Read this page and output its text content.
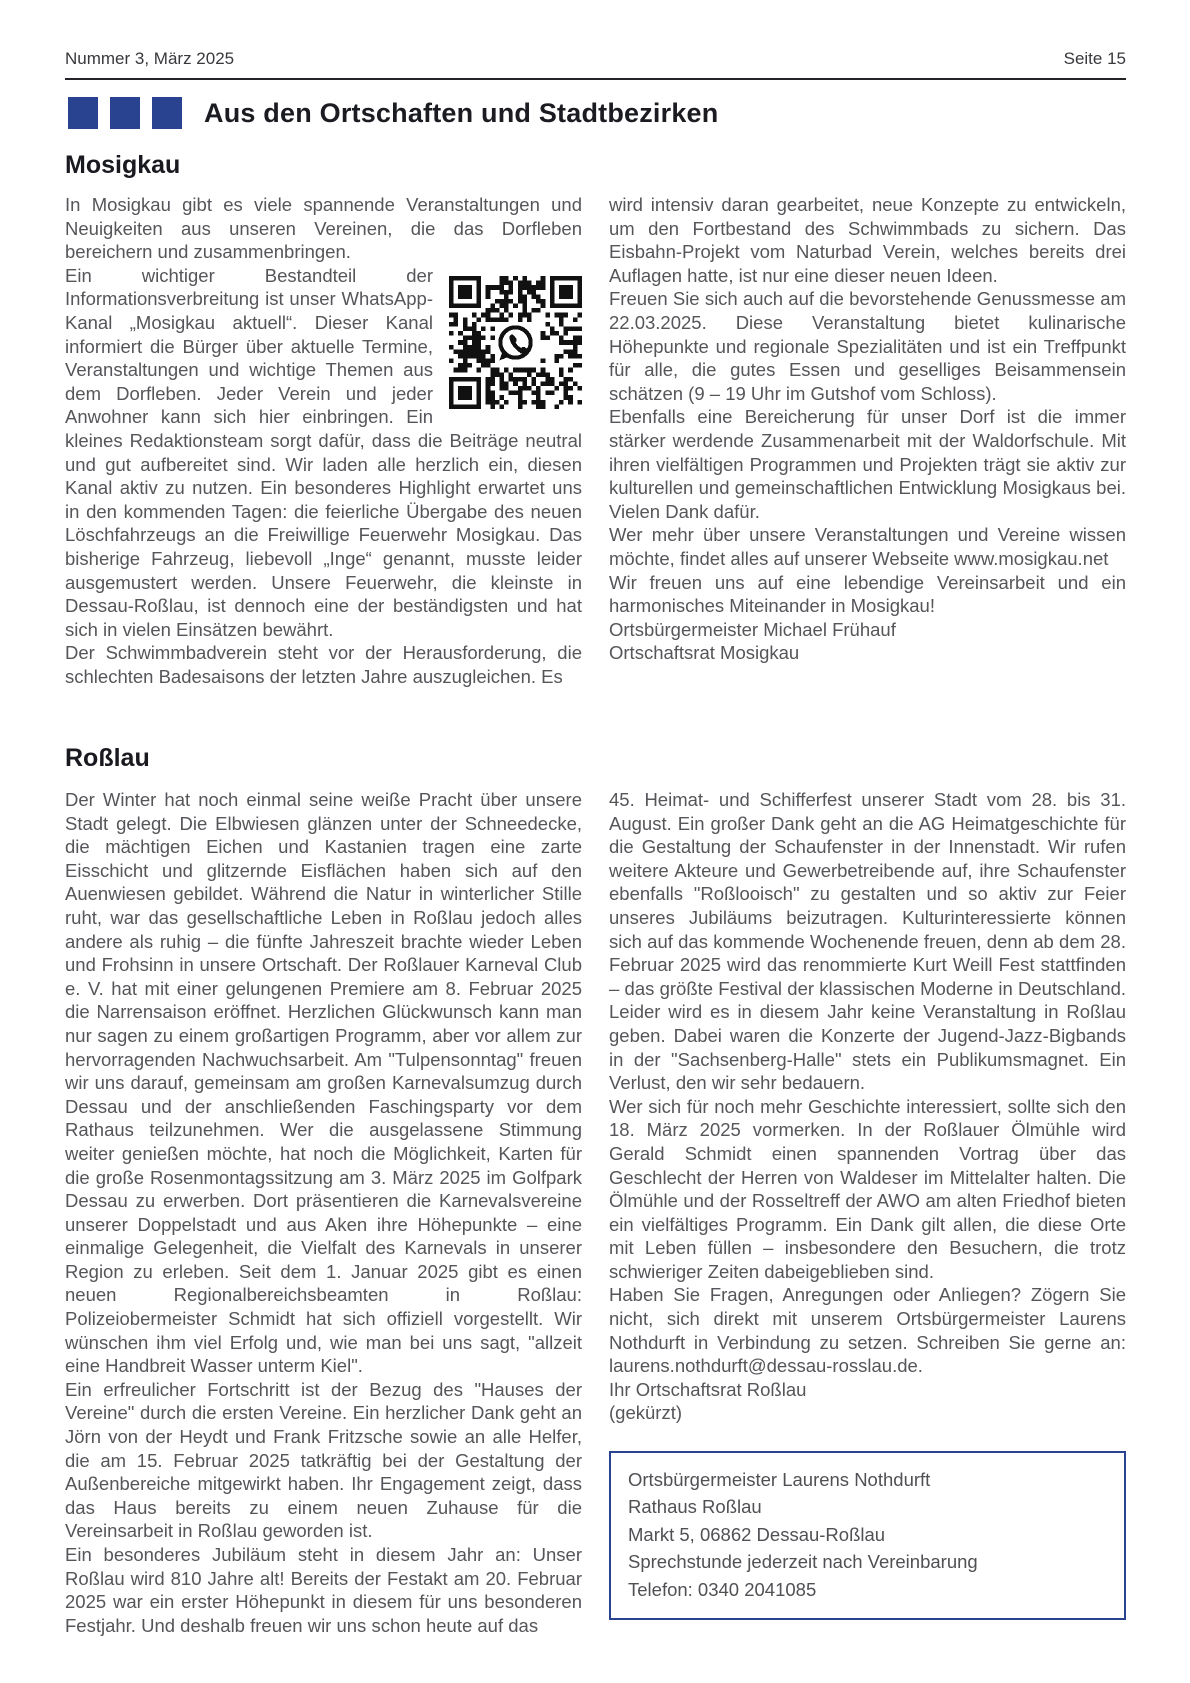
Nummer 3, März 2025	Seite 15
Aus den Ortschaften und Stadtbezirken
Mosigkau

In Mosigkau gibt es viele spannende Veranstaltungen und Neuigkeiten aus unseren Vereinen, die das Dorfleben bereichern und zusammenbringen.

Ein wichtiger Bestandteil der Informationsverbreitung ist unser WhatsApp-Kanal „Mosigkau aktuell“. Dieser Kanal informiert die Bürger über aktuelle Termine, Veranstaltungen und wichtige Themen aus dem Dorfleben. Jeder Verein und jeder Anwohner kann sich hier einbringen. Ein kleines Redaktionsteam sorgt dafür, dass die Beiträge neutral und gut aufbereitet sind. Wir laden alle herzlich ein, diesen Kanal aktiv zu nutzen. Ein besonderes Highlight erwartet uns in den kommenden Tagen: die feierliche Übergabe des neuen Löschfahrzeugs an die Freiwillige Feuerwehr Mosigkau. Das bisherige Fahrzeug, liebevoll „Inge“ genannt, musste leider ausgemustert werden. Unsere Feuerwehr, die kleinste in Dessau-Roßlau, ist dennoch eine der beständigsten und hat sich in vielen Einsätzen bewährt.

Der Schwimmbadverein steht vor der Herausforderung, die schlechten Badesaisons der letzten Jahre auszugleichen. Es

wird intensiv daran gearbeitet, neue Konzepte zu entwickeln, um den Fortbestand des Schwimmbads zu sichern. Das Eisbahn-Projekt vom Naturbad Verein, welches bereits drei Auflagen hatte, ist nur eine dieser neuen Ideen.

Freuen Sie sich auch auf die bevorstehende Genussmesse am 22.03.2025. Diese Veranstaltung bietet kulinarische Höhepunkte und regionale Spezialitäten und ist ein Treffpunkt für alle, die gutes Essen und geselliges Beisammensein schätzen (9 – 19 Uhr im Gutshof vom Schloss).

Ebenfalls eine Bereicherung für unser Dorf ist die immer stärker werdende Zusammenarbeit mit der Waldorfschule. Mit ihren vielfältigen Programmen und Projekten trägt sie aktiv zur kulturellen und gemeinschaftlichen Entwicklung Mosigkaus bei. Vielen Dank dafür.

Wer mehr über unsere Veranstaltungen und Vereine wissen möchte, findet alles auf unserer Webseite www.mosigkau.net

Wir freuen uns auf eine lebendige Vereinsarbeit und ein harmonisches Miteinander in Mosigkau!

Ortsbürgermeister Michael Frühauf

Ortschaftsrat Mosigkau

Roßlau

Der Winter hat noch einmal seine weiße Pracht über unsere Stadt gelegt. Die Elbwiesen glänzen unter der Schneedecke, die mächtigen Eichen und Kastanien tragen eine zarte Eisschicht und glitzernde Eisflächen haben sich auf den Auenwiesen gebildet. Während die Natur in winterlicher Stille ruht, war das gesellschaftliche Leben in Roßlau jedoch alles andere als ruhig – die fünfte Jahreszeit brachte wieder Leben und Frohsinn in unsere Ortschaft. Der Roßlauer Karneval Club e. V. hat mit einer gelungenen Premiere am 8. Februar 2025 die Narrensaison eröffnet. Herzlichen Glückwunsch kann man nur sagen zu einem großartigen Programm, aber vor allem zur hervorragenden Nachwuchsarbeit. Am "Tulpensonntag" freuen wir uns darauf, gemeinsam am großen Karnevalsumzug durch Dessau und der anschließenden Faschingsparty vor dem Rathaus teilzunehmen. Wer die ausgelassene Stimmung weiter genießen möchte, hat noch die Möglichkeit, Karten für die große Rosenmontagssitzung am 3. März 2025 im Golfpark Dessau zu erwerben. Dort präsentieren die Karnevalsvereine unserer Doppelstadt und aus Aken ihre Höhepunkte – eine einmalige Gelegenheit, die Vielfalt des Karnevals in unserer Region zu erleben. Seit dem 1. Januar 2025 gibt es einen neuen Regionalbereichsbeamten in Roßlau: Polizeiobermeister Schmidt hat sich offiziell vorgestellt. Wir wünschen ihm viel Erfolg und, wie man bei uns sagt, "allzeit eine Handbreit Wasser unterm Kiel".

Ein erfreulicher Fortschritt ist der Bezug des "Hauses der Vereine" durch die ersten Vereine. Ein herzlicher Dank geht an Jörn von der Heydt und Frank Fritzsche sowie an alle Helfer, die am 15. Februar 2025 tatkräftig bei der Gestaltung der Außenbereiche mitgewirkt haben. Ihr Engagement zeigt, dass das Haus bereits zu einem neuen Zuhause für die Vereinsarbeit in Roßlau geworden ist.

Ein besonderes Jubiläum steht in diesem Jahr an: Unser Roßlau wird 810 Jahre alt! Bereits der Festakt am 20. Februar 2025 war ein erster Höhepunkt in diesem für uns besonderen Festjahr. Und deshalb freuen wir uns schon heute auf das

45. Heimat- und Schifferfest unserer Stadt vom 28. bis 31. August. Ein großer Dank geht an die AG Heimatgeschichte für die Gestaltung der Schaufenster in der Innenstadt. Wir rufen weitere Akteure und Gewerbetreibende auf, ihre Schaufenster ebenfalls "Roßlooisch" zu gestalten und so aktiv zur Feier unseres Jubiläums beizutragen. Kulturinteressierte können sich auf das kommende Wochenende freuen, denn ab dem 28. Februar 2025 wird das renommierte Kurt Weill Fest stattfinden – das größte Festival der klassischen Moderne in Deutschland. Leider wird es in diesem Jahr keine Veranstaltung in Roßlau geben. Dabei waren die Konzerte der Jugend-Jazz-Bigbands in der "Sachsenberg-Halle" stets ein Publikumsmagnet. Ein Verlust, den wir sehr bedauern.

Wer sich für noch mehr Geschichte interessiert, sollte sich den 18. März 2025 vormerken. In der Roßlauer Ölmühle wird Gerald Schmidt einen spannenden Vortrag über das Geschlecht der Herren von Waldeser im Mittelalter halten. Die Ölmühle und der Rosseltreff der AWO am alten Friedhof bieten ein vielfältiges Programm. Ein Dank gilt allen, die diese Orte mit Leben füllen – insbesondere den Besuchern, die trotz schwieriger Zeiten dabeigeblieben sind.

Haben Sie Fragen, Anregungen oder Anliegen? Zögern Sie nicht, sich direkt mit unserem Ortsbürgermeister Laurens Nothdurft in Verbindung zu setzen. Schreiben Sie gerne an: laurens.nothdurft@dessau-rosslau.de.

Ihr Ortschaftsrat Roßlau

(gekürzt)

Ortsbürgermeister Laurens Nothdurft
Rathaus Roßlau
Markt 5, 06862 Dessau-Roßlau
Sprechstunde jederzeit nach Vereinbarung
Telefon: 0340 2041085
